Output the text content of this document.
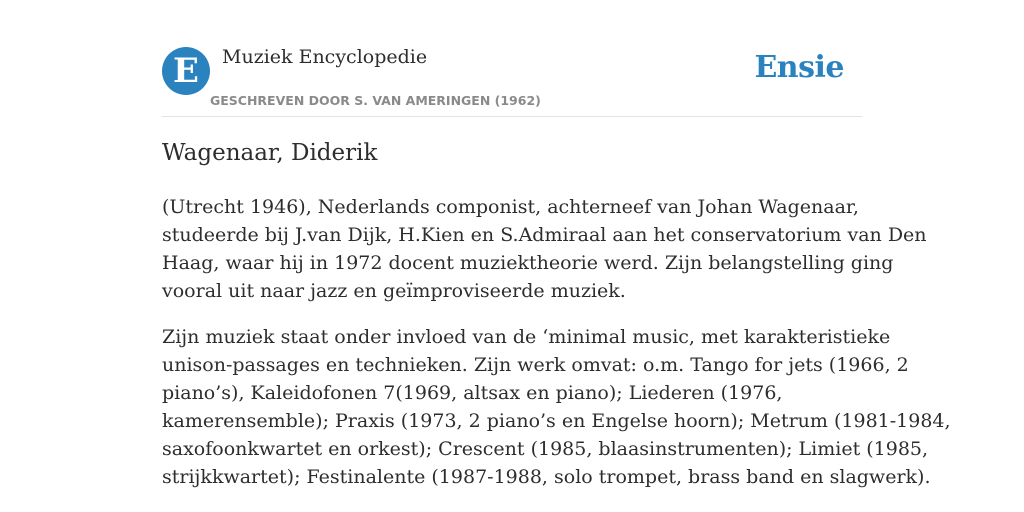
E	Muziek Encyclopedie
GESCHREVEN DOOR S. VAN AMERINGEN (1962)
Ensie
Wagenaar, Diderik

(Utrecht 1946), Nederlands componist, achterneef van Johan Wagenaar,
studeerde bij J.van Dijk, H.Kien en S.Admiraal aan het conservatorium van Den
Haag, waar hij in 1972 docent muziektheorie werd. Zijn belangstelling ging
vooral uit naar jazz en geïmproviseerde muziek.

Zijn muziek staat onder invloed van de ‘minimal music, met karakteristieke
unison-passages en technieken. Zijn werk omvat: o.m. Tango for jets (1966, 2
piano’s), Kaleidofonen 7(1969, altsax en piano); Liederen (1976,
kamerensemble); Praxis (1973, 2 piano’s en Engelse hoorn); Metrum (1981-1984,
saxofoonkwartet en orkest); Crescent (1985, blaasinstrumenten); Limiet (1985,
strijkkwartet); Festinalente (1987-1988, solo trompet, brass band en slagwerk).
